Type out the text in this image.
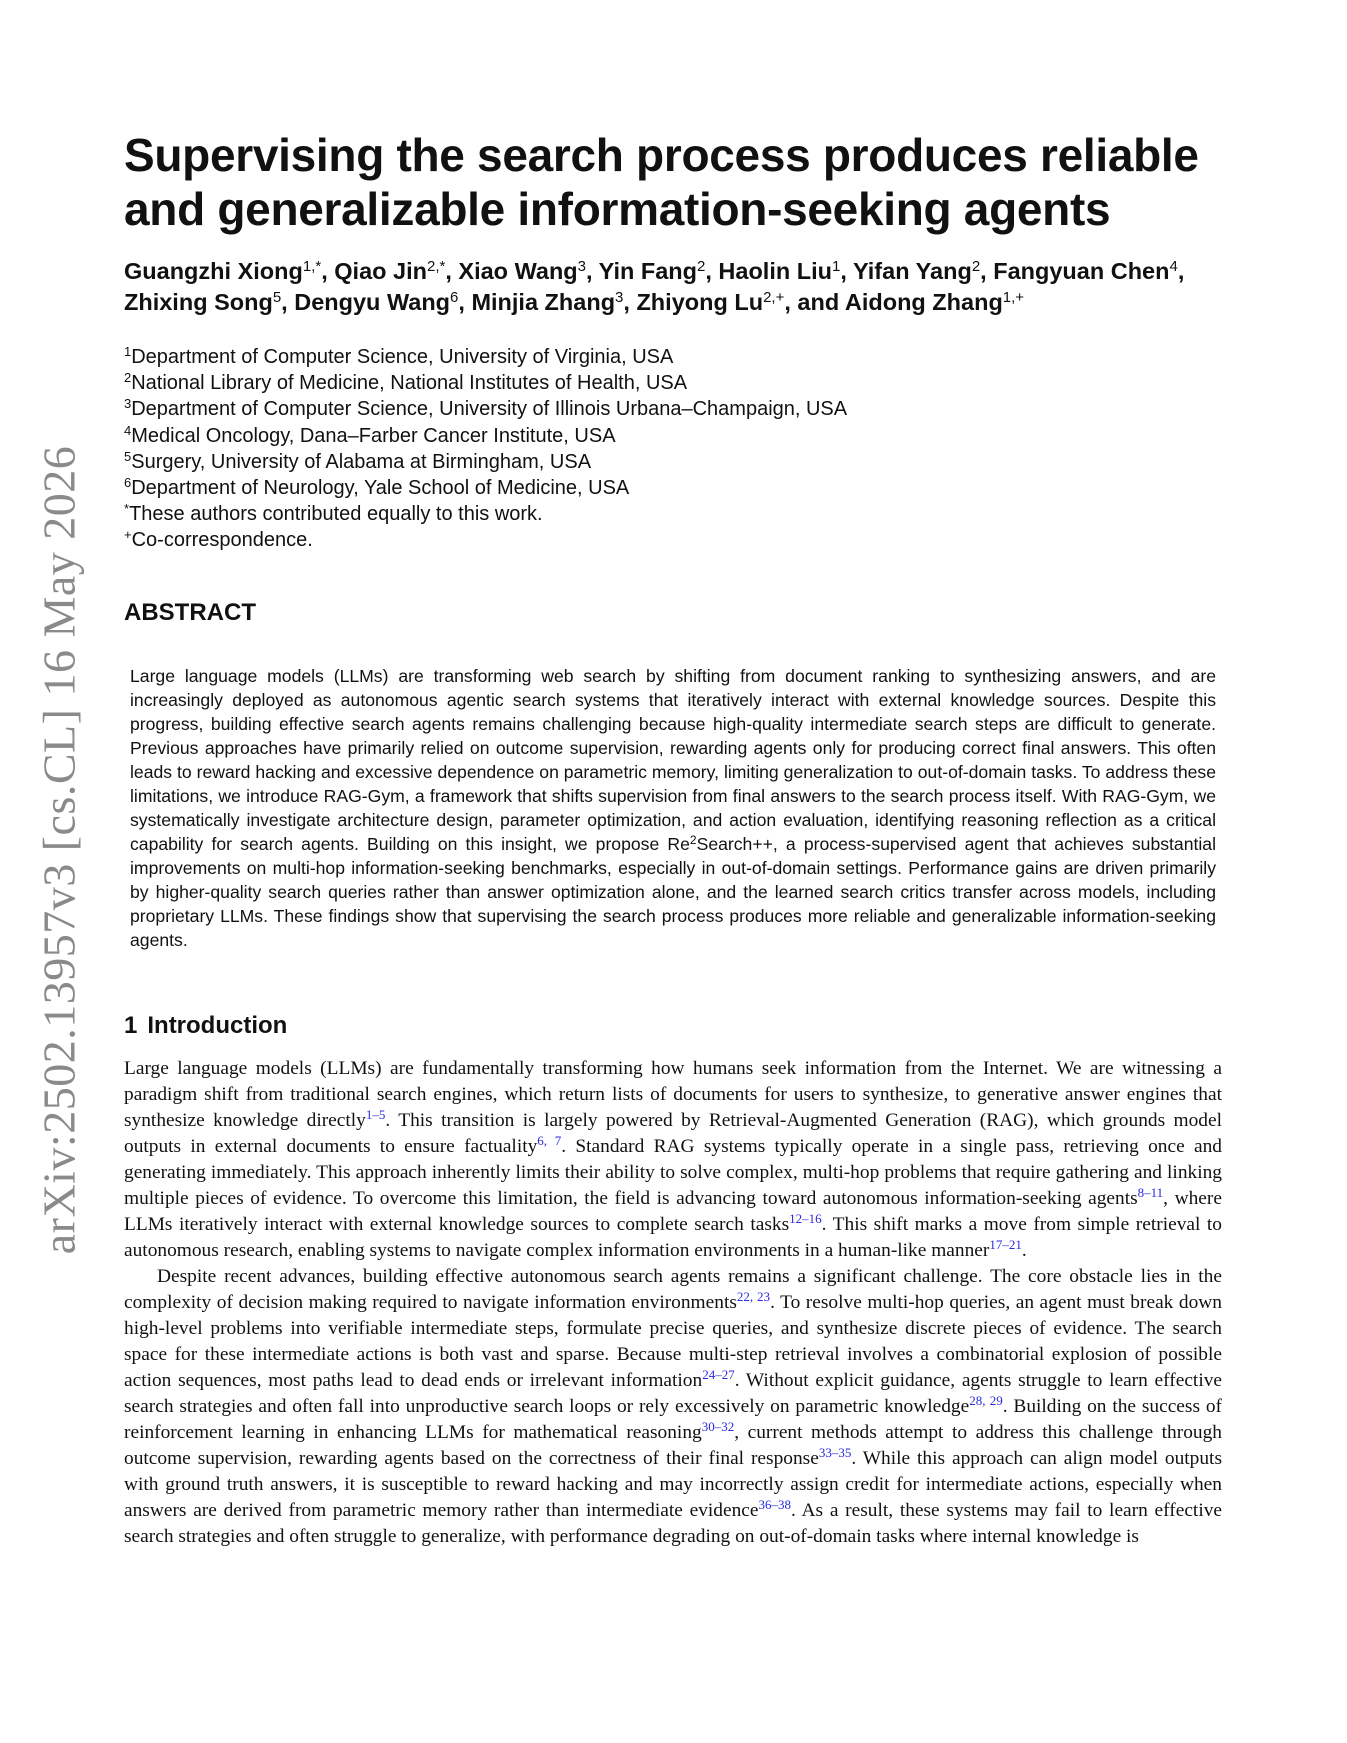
arXiv:2502.13957v3 [cs.CL] 16 May 2026
Supervising the search process produces reliable and generalizable information-seeking agents
Guangzhi Xiong$^{1,*}$, Qiao Jin$^{2,*}$, Xiao Wang$^3$, Yin Fang$^2$, Haolin Liu$^1$, Yifan Yang$^2$, Fangyuan Chen$^4$, Zhixing Song$^5$, Dengyu Wang$^6$, Minjia Zhang$^3$, Zhiyong $Lu^{2,+}$, and Aidong Zhang$^{1,+}$
$^1$Department of Computer Science, University of Virginia, USA
$^2$National Library of Medicine, National Institutes of Health, USA
$^3$Department of Computer Science, University of Illinois Urbana–Champaign, USA
$^4$Medical Oncology, Dana–Farber Cancer Institute, USA
$^5$Surgery, University of Alabama at Birmingham, USA
$^6$Department of Neurology, Yale School of Medicine, USA
*These authors contributed equally to this work.
+Co-correspondence.
ABSTRACT
Large language models (LLMs) are transforming web search by shifting from document ranking to synthesizing answers, and are increasingly deployed as autonomous agentic search systems that iteratively interact with external knowledge sources. Despite this progress, building effective search agents remains challenging because high-quality intermediate search steps are difficult to generate. Previous approaches have primarily relied on outcome supervision, rewarding agents only for producing correct final answers. This often leads to reward hacking and excessive dependence on parametric memory, limiting generalization to out-of-domain tasks. To address these limitations, we introduce RAG-Gym, a framework that shifts supervision from final answers to the search process itself. With RAG-Gym, we systematically investigate architecture design, parameter optimization, and action evaluation, identifying reasoning reflection as a critical capability for search agents. Building on this insight, we propose $Re^2Search++$, a process-supervised agent that achieves substantial improvements on multi-hop information-seeking benchmarks, especially in out-of-domain settings. Performance gains are driven primarily by higher-quality search queries rather than answer optimization alone, and the learned search critics transfer across models, including proprietary LLMs. These findings show that supervising the search process produces more reliable and generalizable information-seeking agents.
1 Introduction

Large language models (LLMs) are fundamentally transforming how humans seek information from the Internet. We are witnessing a paradigm shift from traditional search engines, which return lists of documents for users to synthesize, to generative answer engines that synthesize knowledge directly$^{1-5}$. This transition is largely powered by Retrieval-Augmented Generation (RAG), which grounds model outputs in external documents to ensure factuality$^{6, 7}$. Standard RAG systems typically operate in a single pass, retrieving once and generating immediately. This approach inherently limits their ability to solve complex, multi-hop problems that require gathering and linking multiple pieces of evidence. To overcome this limitation, the field is advancing toward autonomous information-seeking agents$^{8-11}$, where LLMs iteratively interact with external knowledge sources to complete search tasks$^{12-16}$. This shift marks a move from simple retrieval to autonomous research, enabling systems to navigate complex information environments in a human-like manner$^{17-21}$.

Despite recent advances, building effective autonomous search agents remains a significant challenge. The core obstacle lies in the complexity of decision making required to navigate information environments$^{22, 23}$. To resolve multi-hop queries, an agent must break down high-level problems into verifiable intermediate steps, formulate precise queries, and synthesize discrete pieces of evidence. The search space for these intermediate actions is both vast and sparse. Because multi-step retrieval involves a combinatorial explosion of possible action sequences, most paths lead to dead ends or irrelevant information$^{24-27}$. Without explicit guidance, agents struggle to learn effective search strategies and often fall into unproductive search loops or rely excessively on parametric knowledge$^{28, 29}$. Building on the success of reinforcement learning in enhancing LLMs for mathematical reasoning$^{30-32}$, current methods attempt to address this challenge through outcome supervision, rewarding agents based on the correctness of their final response$^{33-35}$. While this approach can align model outputs with ground truth answers, it is susceptible to reward hacking and may incorrectly assign credit for intermediate actions, especially when answers are derived from parametric memory rather than intermediate evidence$^{36-38}$. As a result, these systems may fail to learn effective search strategies and often struggle to generalize, with performance degrading on out-of-domain tasks where internal knowledge is
